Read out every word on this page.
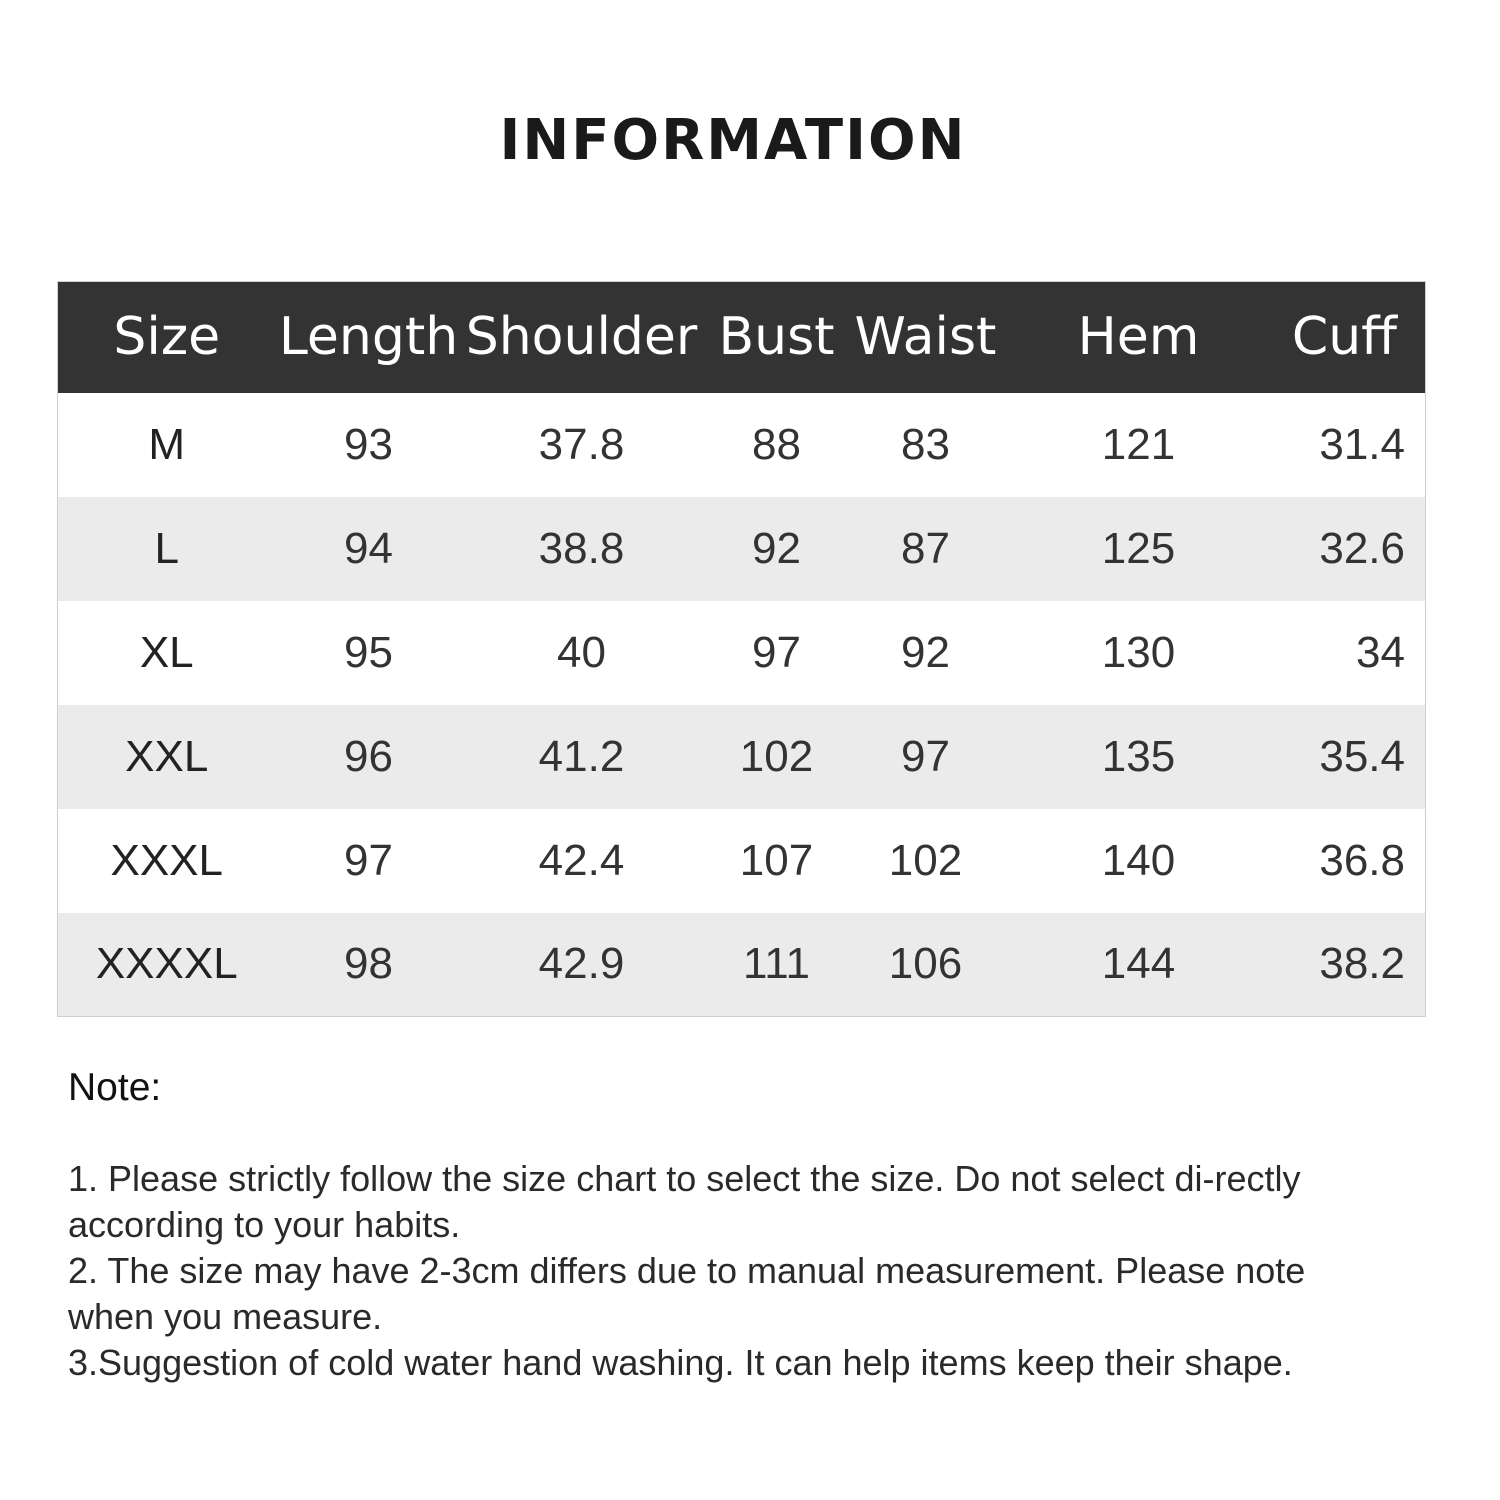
INFORMATION
Size	Length	Shoulder	Bust	Waist	Hem	Cuff
M	93	37.8	88	83	121	31.4
L	94	38.8	92	87	125	32.6
XL	95	40	97	92	130	34
XXL	96	41.2	102	97	135	35.4
XXXL	97	42.4	107	102	140	36.8
XXXXL	98	42.9	111	106	144	38.2
Note:

1. Please strictly follow the size chart to select the size. Do not select di-rectly according to your habits.

2. The size may have 2-3cm differs due to manual measurement. Please note when you measure.

3.Suggestion of cold water hand washing. It can help items keep their shape.
